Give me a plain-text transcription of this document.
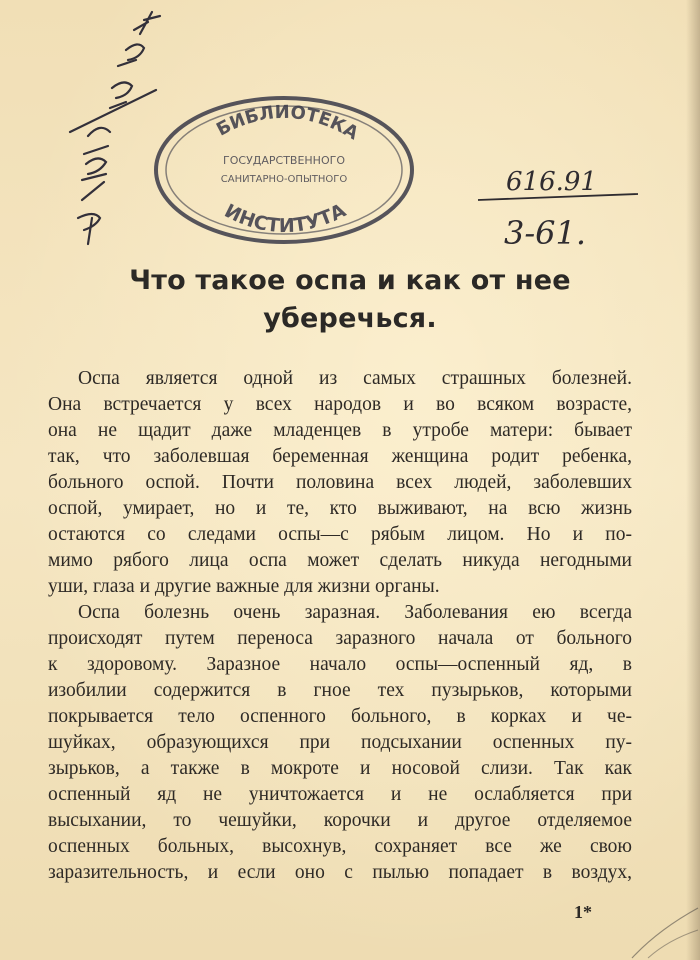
13/7 /б. 1634
БИБЛИОТЕКА
ГОСУДАРСТВЕННОГО
САНИТАРНО-ОПЫТНОГО
ИНСТИТУТА
616.91
3-61.
Что такое оспа и как от нее
уберечься.
Оспа является одной из самых страшных болезней.
Она встречается у всех народов и во всяком возрасте,
она не щадит даже младенцев в утробе матери: бывает
так, что заболевшая беременная женщина родит ребенка,
больного оспой. Почти половина всех людей, заболевших
оспой, умирает, но и те, кто выживают, на всю жизнь
остаются со следами оспы—с рябым лицом. Но и по-
мимо рябого лица оспа может сделать никуда негодными
уши, глаза и другие важные для жизни органы.
Оспа болезнь очень заразная. Заболевания ею всегда
происходят путем переноса заразного начала от больного
к здоровому. Заразное начало оспы—оспенный яд, в
изобилии содержится в гное тех пузырьков, которыми
покрывается тело оспенного больного, в корках и че-
шуйках, образующихся при подсыхании оспенных пу-
зырьков, а также в мокроте и носовой слизи. Так как
оспенный яд не уничтожается и не ослабляется при
высыхании, то чешуйки, корочки и другое отделяемое
оспенных больных, высохнув, сохраняет все же свою
заразительность, и если оно с пылью попадает в воздух,
1*
